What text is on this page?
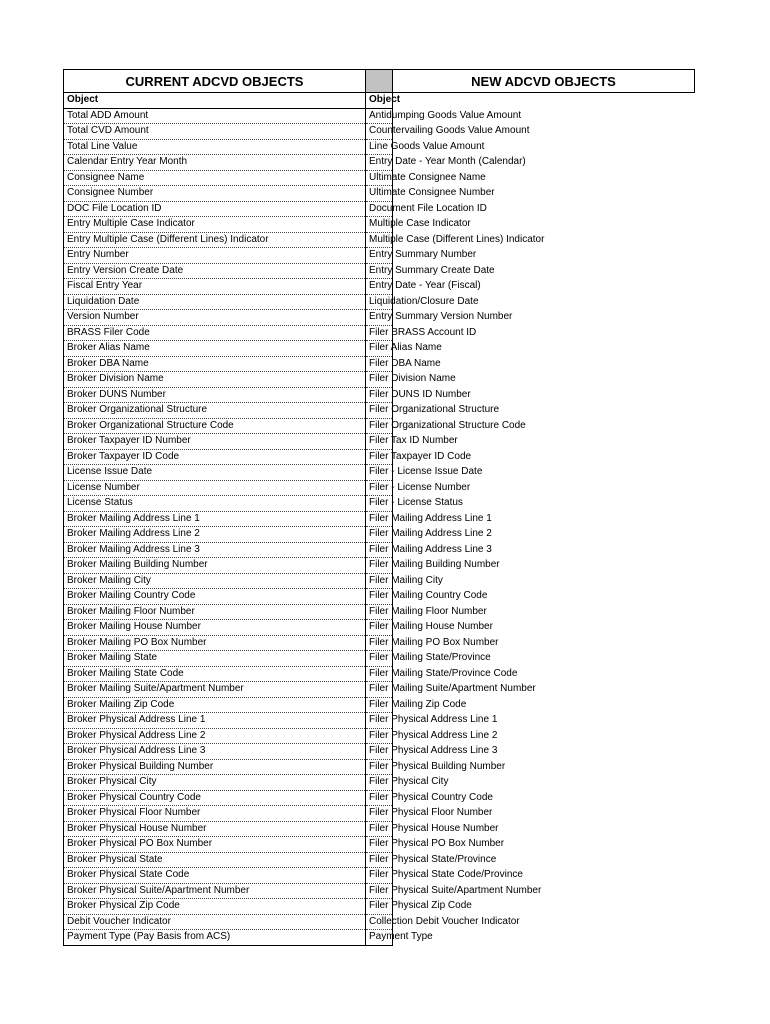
CURRENT ADCVD OBJECTS		NEW ADCVD OBJECTS
Object	Object	
Total ADD Amount	Antidumping Goods Value Amount	
Total CVD Amount	Countervailing Goods Value Amount	
Total Line Value	Line Goods Value Amount	
Calendar Entry Year Month	Entry Date - Year Month (Calendar)	
Consignee Name	Ultimate Consignee Name	
Consignee Number	Ultimate Consignee Number	
DOC File Location ID	Document File Location ID	
Entry Multiple Case Indicator	Multiple Case Indicator	
Entry Multiple Case (Different Lines) Indicator	Multiple Case (Different Lines) Indicator	
Entry Number	Entry Summary Number	
Entry Version Create Date	Entry Summary Create Date	
Fiscal Entry Year	Entry Date - Year (Fiscal)	
Liquidation Date	Liquidation/Closure Date	
Version Number	Entry Summary Version Number	
BRASS Filer Code	Filer BRASS Account ID	
Broker Alias Name	Filer Alias Name	
Broker DBA Name	Filer DBA Name	
Broker Division Name	Filer Division Name	
Broker DUNS Number	Filer DUNS ID Number	
Broker Organizational Structure	Filer Organizational Structure	
Broker Organizational Structure Code	Filer Organizational Structure Code	
Broker Taxpayer ID Number	Filer Tax ID Number	
Broker Taxpayer ID Code	Filer Taxpayer ID Code	
License Issue Date	Filer - License Issue Date	
License Number	Filer - License Number	
License Status	Filer - License Status	
Broker Mailing Address Line 1	Filer Mailing Address Line 1	
Broker Mailing Address Line 2	Filer Mailing Address Line 2	
Broker Mailing Address Line 3	Filer Mailing Address Line 3	
Broker Mailing Building Number	Filer Mailing Building Number	
Broker Mailing City	Filer Mailing City	
Broker Mailing Country Code	Filer Mailing Country Code	
Broker Mailing Floor Number	Filer Mailing Floor Number	
Broker Mailing House Number	Filer Mailing House Number	
Broker Mailing PO Box Number	Filer Mailing PO Box Number	
Broker Mailing State	Filer Mailing State/Province	
Broker Mailing State Code	Filer Mailing State/Province Code	
Broker Mailing Suite/Apartment Number	Filer Mailing Suite/Apartment Number	
Broker Mailing Zip Code	Filer Mailing Zip Code	
Broker Physical Address Line 1	Filer Physical Address Line 1	
Broker Physical Address Line 2	Filer Physical Address Line 2	
Broker Physical Address Line 3	Filer Physical Address Line 3	
Broker Physical Building Number	Filer Physical Building Number	
Broker Physical City	Filer Physical City	
Broker Physical Country Code	Filer Physical Country Code	
Broker Physical Floor Number	Filer Physical Floor Number	
Broker Physical House Number	Filer Physical House Number	
Broker Physical PO Box Number	Filer Physical PO Box Number	
Broker Physical State	Filer Physical State/Province	
Broker Physical State Code	Filer Physical State Code/Province	
Broker Physical Suite/Apartment Number	Filer Physical Suite/Apartment Number	
Broker Physical Zip Code	Filer Physical Zip Code	
Debit Voucher Indicator	Collection Debit Voucher Indicator	
Payment Type (Pay Basis from ACS)	Payment Type	
